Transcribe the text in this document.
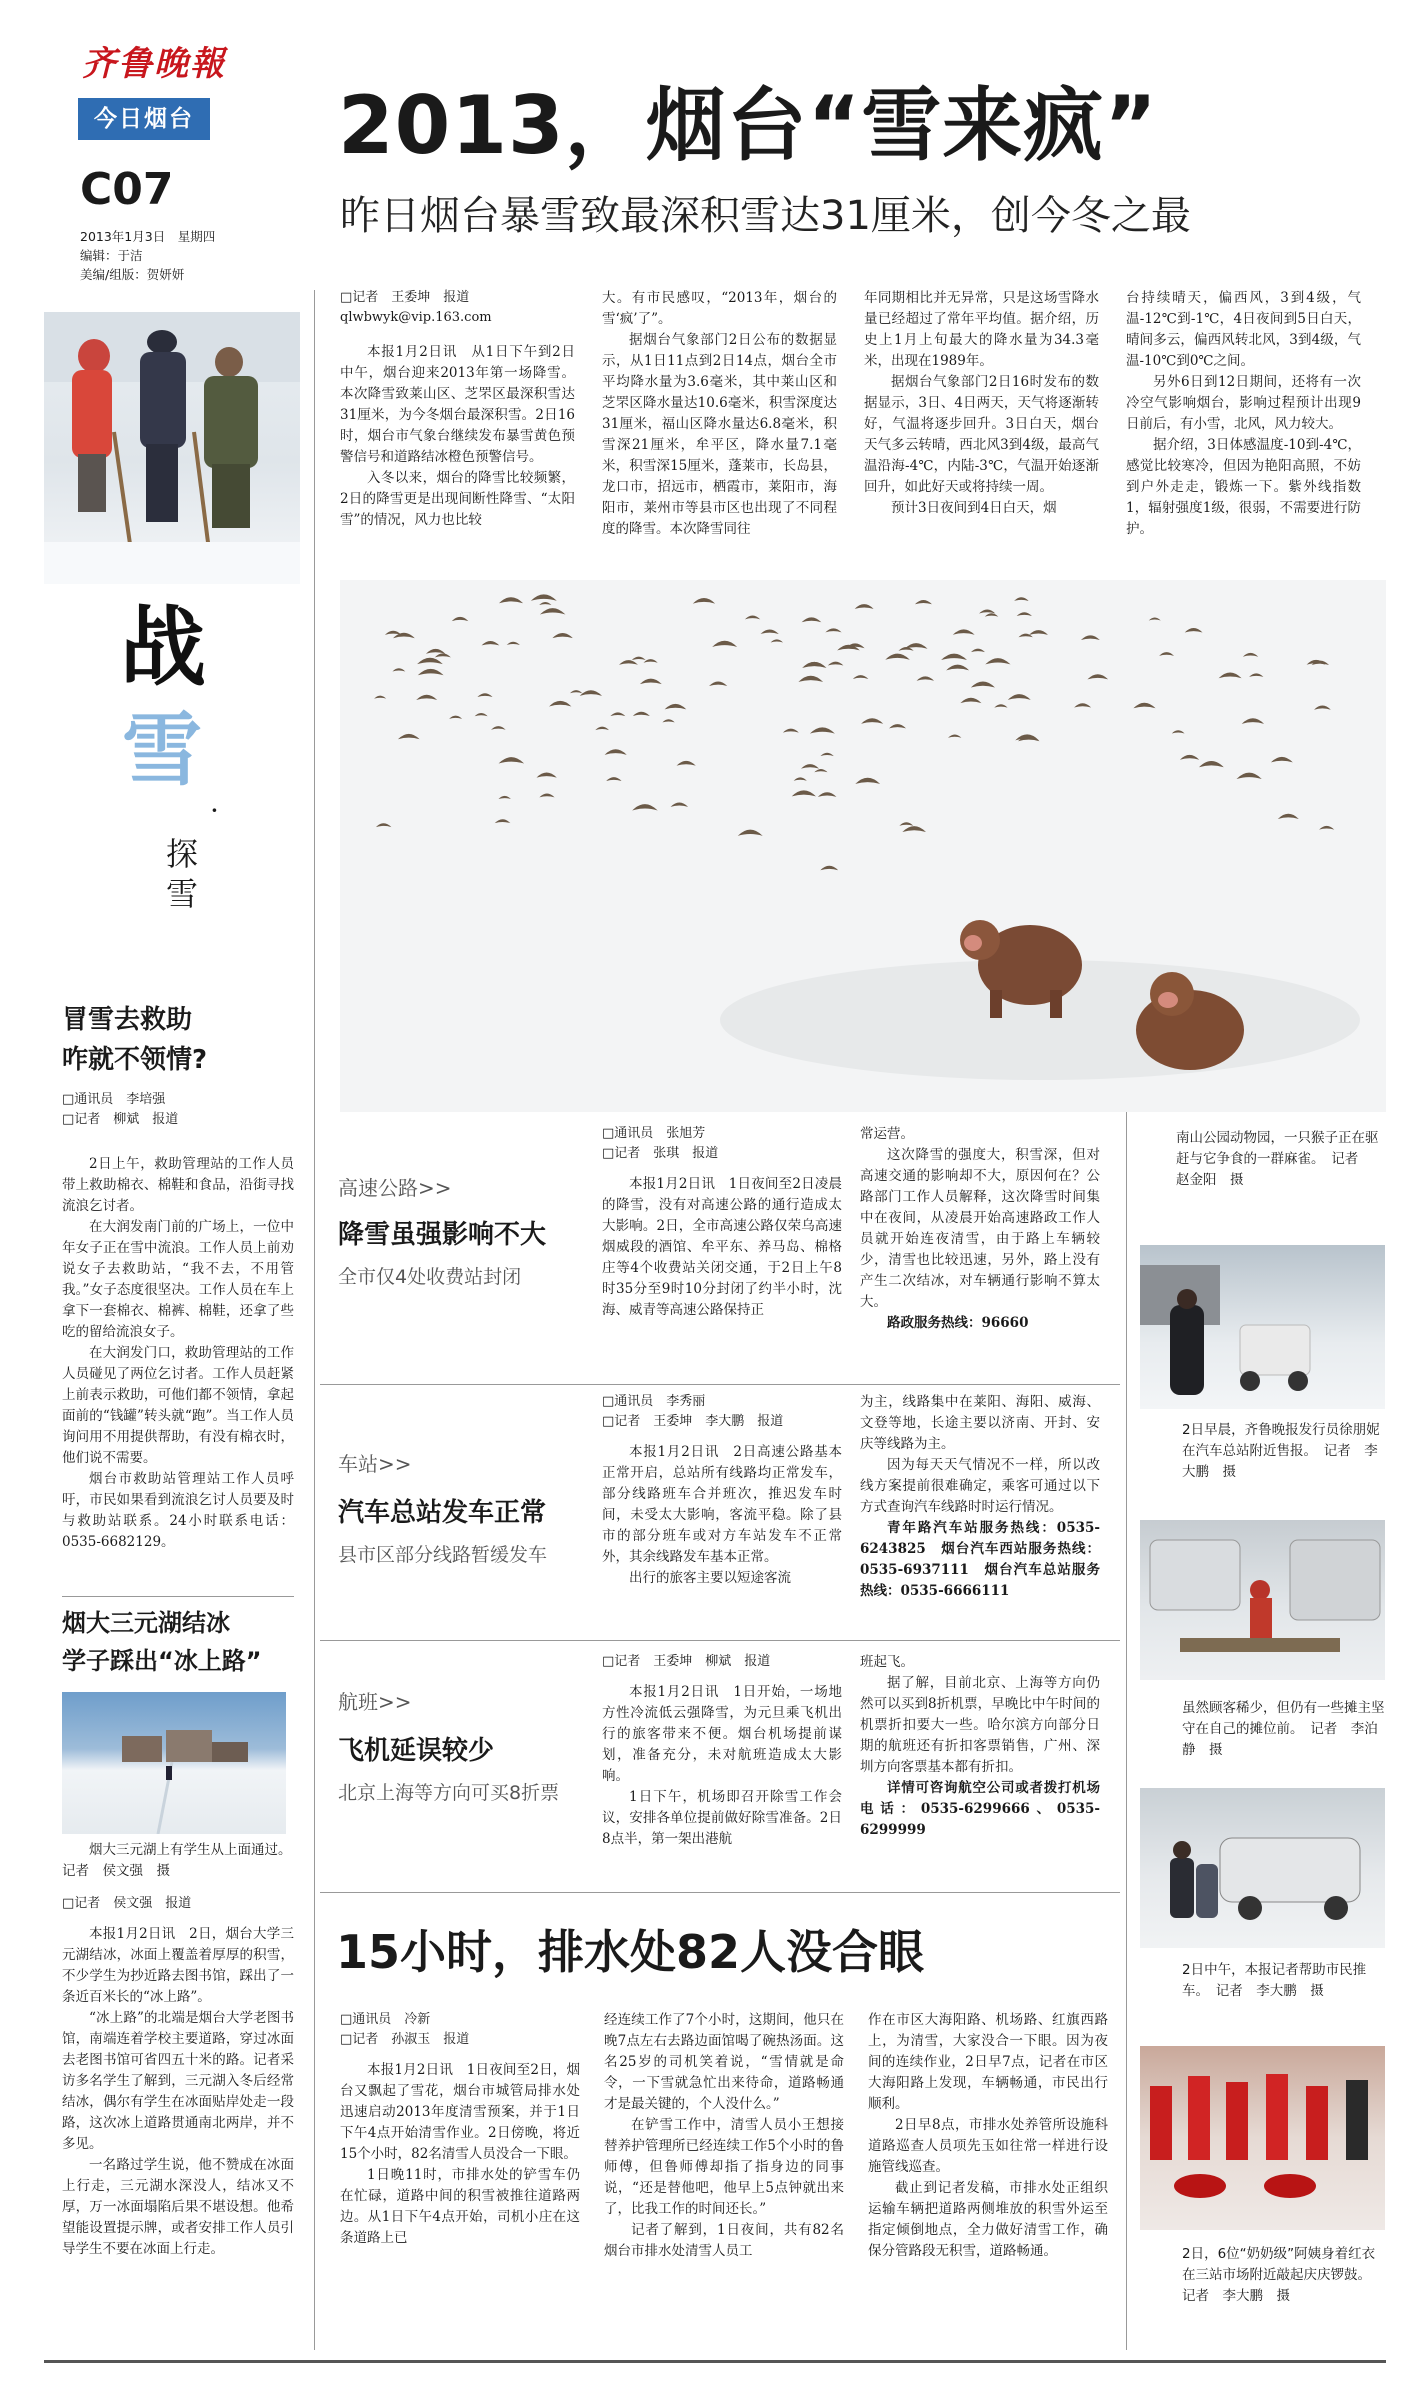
齐鲁晚報
今日烟台
C07
2013年1月3日　星期四
编辑：于洁
美编/组版：贺妍妍
2013，烟台“雪来疯”
昨日烟台暴雪致最深积雪达31厘米，创今冬之最
战
雪
·
探
雪
冒雪去救助
咋就不领情?
□通讯员　李培强
□记者　柳斌　报道

2日上午，救助管理站的工作人员带上救助棉衣、棉鞋和食品，沿街寻找流浪乞讨者。

在大润发南门前的广场上，一位中年女子正在雪中流浪。工作人员上前劝说女子去救助站，“我不去，不用管我。”女子态度很坚决。工作人员在车上拿下一套棉衣、棉裤、棉鞋，还拿了些吃的留给流浪女子。

在大润发门口，救助管理站的工作人员碰见了两位乞讨者。工作人员赶紧上前表示救助，可他们都不领情，拿起面前的“钱罐”转头就“跑”。当工作人员询问用不用提供帮助，有没有棉衣时，他们说不需要。

烟台市救助站管理站工作人员呼吁，市民如果看到流浪乞讨人员要及时与救助站联系。24小时联系电话：0535-6682129。

烟大三元湖结冰
学子踩出“冰上路”
烟大三元湖上有学生从上面通过。　记者　侯文强　摄
□记者　侯文强　报道

本报1月2日讯　2日，烟台大学三元湖结冰，冰面上覆盖着厚厚的积雪，不少学生为抄近路去图书馆，踩出了一条近百米长的“冰上路”。

“冰上路”的北端是烟台大学老图书馆，南端连着学校主要道路，穿过冰面去老图书馆可省四五十米的路。记者采访多名学生了解到，三元湖入冬后经常结冰，偶尔有学生在冰面贴岸处走一段路，这次冰上道路贯通南北两岸，并不多见。

一名路过学生说，他不赞成在冰面上行走，三元湖水深没人，结冰又不厚，万一冰面塌陷后果不堪设想。他希望能设置提示牌，或者安排工作人员引导学生不要在冰面上行走。

□记者　王委坤　报道
qlwbwyk@vip.163.com

本报1月2日讯　从1日下午到2日中午，烟台迎来2013年第一场降雪。本次降雪致莱山区、芝罘区最深积雪达31厘米，为今冬烟台最深积雪。2日16时，烟台市气象台继续发布暴雪黄色预警信号和道路结冰橙色预警信号。

入冬以来，烟台的降雪比较频繁，2日的降雪更是出现间断性降雪、“太阳雪”的情况，风力也比较

大。有市民感叹，“2013年，烟台的雪‘疯’了”。

据烟台气象部门2日公布的数据显示，从1日11点到2日14点，烟台全市平均降水量为3.6毫米，其中莱山区和芝罘区降水量达10.6毫米，积雪深度达31厘米，福山区降水量达6.8毫米，积雪深21厘米，牟平区，降水量7.1毫米，积雪深15厘米，蓬莱市，长岛县，龙口市，招远市，栖霞市，莱阳市，海阳市，莱州市等县市区也出现了不同程度的降雪。本次降雪同往

年同期相比并无异常，只是这场雪降水量已经超过了常年平均值。据介绍，历史上1月上旬最大的降水量为34.3毫米，出现在1989年。

据烟台气象部门2日16时发布的数据显示，3日、4日两天，天气将逐渐转好，气温将逐步回升。3日白天，烟台天气多云转晴，西北风3到4级，最高气温沿海-4℃，内陆-3℃，气温开始逐渐回升，如此好天或将持续一周。

预计3日夜间到4日白天，烟

台持续晴天，偏西风，3到4级，气温-12℃到-1℃，4日夜间到5日白天，晴间多云，偏西风转北风，3到4级，气温-10℃到0℃之间。

另外6日到12日期间，还将有一次冷空气影响烟台，影响过程预计出现9日前后，有小雪，北风，风力较大。

据介绍，3日体感温度-10到-4℃，感觉比较寒冷，但因为艳阳高照，不妨到户外走走，锻炼一下。紫外线指数1，辐射强度1级，很弱，不需要进行防护。

高速公路>>
降雪虽强影响不大
全市仅4处收费站封闭
□通讯员　张旭芳
□记者　张琪　报道

本报1月2日讯　1日夜间至2日凌晨的降雪，没有对高速公路的通行造成太大影响。2日，全市高速公路仅荣乌高速烟威段的酒馆、牟平东、养马岛、棉格庄等4个收费站关闭交通，于2日上午8时35分至9时10分封闭了约半小时，沈海、威青等高速公路保持正

常运营。

这次降雪的强度大，积雪深，但对高速交通的影响却不大，原因何在？公路部门工作人员解释，这次降雪时间集中在夜间，从凌晨开始高速路政工作人员就开始连夜清雪，由于路上车辆较少，清雪也比较迅速，另外，路上没有产生二次结冰，对车辆通行影响不算太大。

路政服务热线：96660

车站>>
汽车总站发车正常
县市区部分线路暂缓发车
□通讯员　李秀丽
□记者　王委坤　李大鹏　报道

本报1月2日讯　2日高速公路基本正常开启，总站所有线路均正常发车，部分线路班车合并班次，推迟发车时间，未受太大影响，客流平稳。除了县市的部分班车或对方车站发车不正常外，其余线路发车基本正常。

出行的旅客主要以短途客流

为主，线路集中在莱阳、海阳、威海、文登等地，长途主要以济南、开封、安庆等线路为主。

因为每天天气情况不一样，所以改线方案提前很难确定，乘客可通过以下方式查询汽车线路时时运行情况。

青年路汽车站服务热线：0535-6243825　烟台汽车西站服务热线：0535-6937111　烟台汽车总站服务热线：0535-6666111

航班>>
飞机延误较少
北京上海等方向可买8折票
□记者　王委坤　柳斌　报道

本报1月2日讯　1日开始，一场地方性冷流低云强降雪，为元旦乘飞机出行的旅客带来不便。烟台机场提前谋划，准备充分，未对航班造成太大影响。

1日下午，机场即召开除雪工作会议，安排各单位提前做好除雪准备。2日8点半，第一架出港航

班起飞。

据了解，目前北京、上海等方向仍然可以买到8折机票，早晚比中午时间的机票折扣要大一些。哈尔滨方向部分日期的航班还有折扣客票销售，广州、深圳方向客票基本都有折扣。

详情可咨询航空公司或者拨打机场电话：0535-6299666、0535-6299999

15小时，排水处82人没合眼
□通讯员　冷新
□记者　孙淑玉　报道

本报1月2日讯　1日夜间至2日，烟台又飘起了雪花，烟台市城管局排水处迅速启动2013年度清雪预案，并于1日下午4点开始清雪作业。2日傍晚，将近15个小时，82名清雪人员没合一下眼。

1日晚11时，市排水处的铲雪车仍在忙碌，道路中间的积雪被推往道路两边。从1日下午4点开始，司机小庄在这条道路上已

经连续工作了7个小时，这期间，他只在晚7点左右去路边面馆喝了碗热汤面。这名25岁的司机笑着说，“雪情就是命令，一下雪就急忙出来待命，道路畅通才是最关键的，个人没什么。”

在铲雪工作中，清雪人员小王想接替养护管理所已经连续工作5个小时的鲁师傅，但鲁师傅却指了指身边的同事说，“还是替他吧，他早上5点钟就出来了，比我工作的时间还长。”

记者了解到，1日夜间，共有82名烟台市排水处清雪人员工

作在市区大海阳路、机场路、红旗西路上，为清雪，大家没合一下眼。因为夜间的连续作业，2日早7点，记者在市区大海阳路上发现，车辆畅通，市民出行顺利。

2日早8点，市排水处养管所设施科道路巡查人员项先玉如往常一样进行设施管线巡查。

截止到记者发稿，市排水处正组织运输车辆把道路两侧堆放的积雪外运至指定倾倒地点，全力做好清雪工作，确保分管路段无积雪，道路畅通。

南山公园动物园，一只猴子正在驱赶与它争食的一群麻雀。　记者　赵金阳　摄
2日早晨，齐鲁晚报发行员徐朋妮在汽车总站附近售报。　记者　李大鹏　摄
虽然顾客稀少，但仍有一些摊主坚守在自己的摊位前。　记者　李泊静　摄
2日中午，本报记者帮助市民推车。　记者　李大鹏　摄
2日，6位“奶奶级”阿姨身着红衣在三站市场附近敲起庆庆锣鼓。　记者　李大鹏　摄
